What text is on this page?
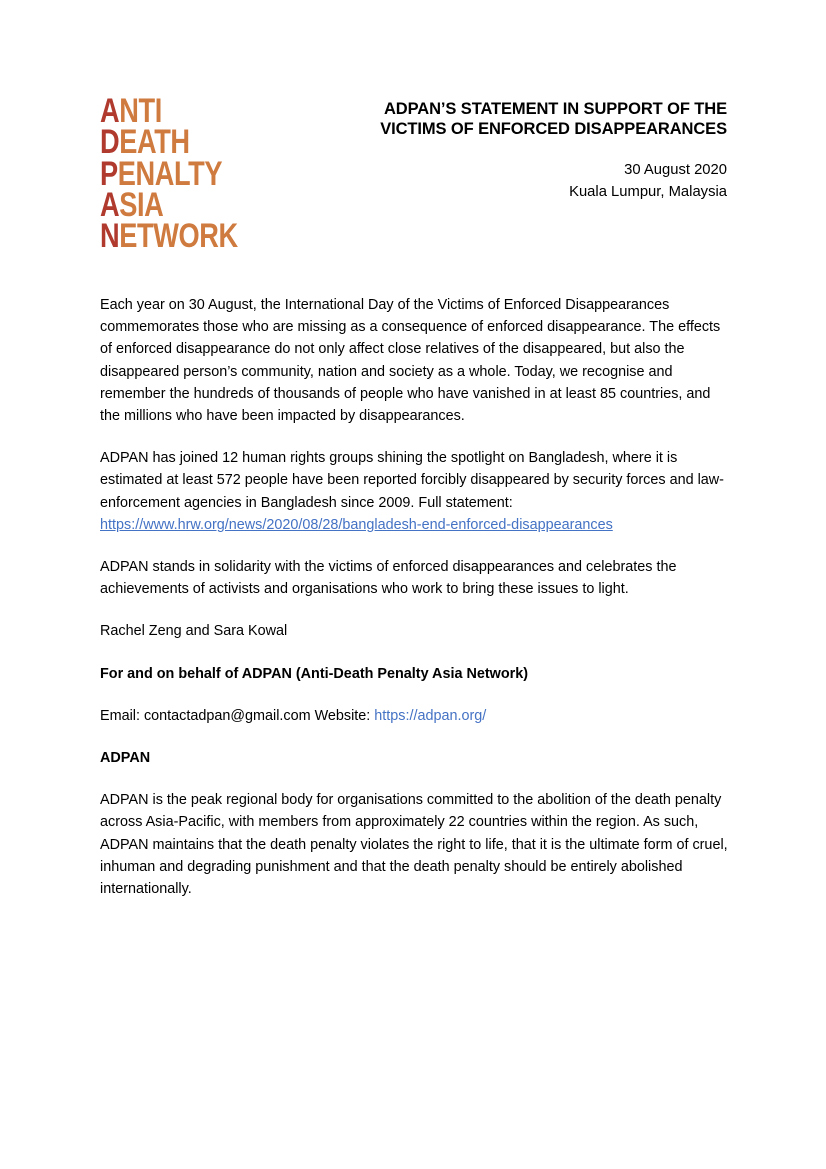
ANTI
DEATH
PENALTY
ASIA
NETWORK
ADPAN’S STATEMENT IN SUPPORT OF THE
VICTIMS OF ENFORCED DISAPPEARANCES
30 August 2020
Kuala Lumpur, Malaysia

Each year on 30 August, the International Day of the Victims of Enforced Disappearances commemorates those who are missing as a consequence of enforced disappearance. The effects of enforced disappearance do not only affect close relatives of the disappeared, but also the disappeared person’s community, nation and society as a whole. Today, we recognise and remember the hundreds of thousands of people who have vanished in at least 85 countries, and the millions who have been impacted by disappearances.

ADPAN has joined 12 human rights groups shining the spotlight on Bangladesh, where it is estimated at least 572 people have been reported forcibly disappeared by security forces and law-enforcement agencies in Bangladesh since 2009. Full statement:

https://www.hrw.org/news/2020/08/28/bangladesh-end-enforced-disappearances

ADPAN stands in solidarity with the victims of enforced disappearances and celebrates the achievements of activists and organisations who work to bring these issues to light.

Rachel Zeng and Sara Kowal

For and on behalf of ADPAN (Anti-Death Penalty Asia Network)

Email: contactadpan@gmail.com Website: https://adpan.org/

ADPAN

ADPAN is the peak regional body for organisations committed to the abolition of the death penalty across Asia-Pacific, with members from approximately 22 countries within the region. As such, ADPAN maintains that the death penalty violates the right to life, that it is the ultimate form of cruel, inhuman and degrading punishment and that the death penalty should be entirely abolished internationally.
